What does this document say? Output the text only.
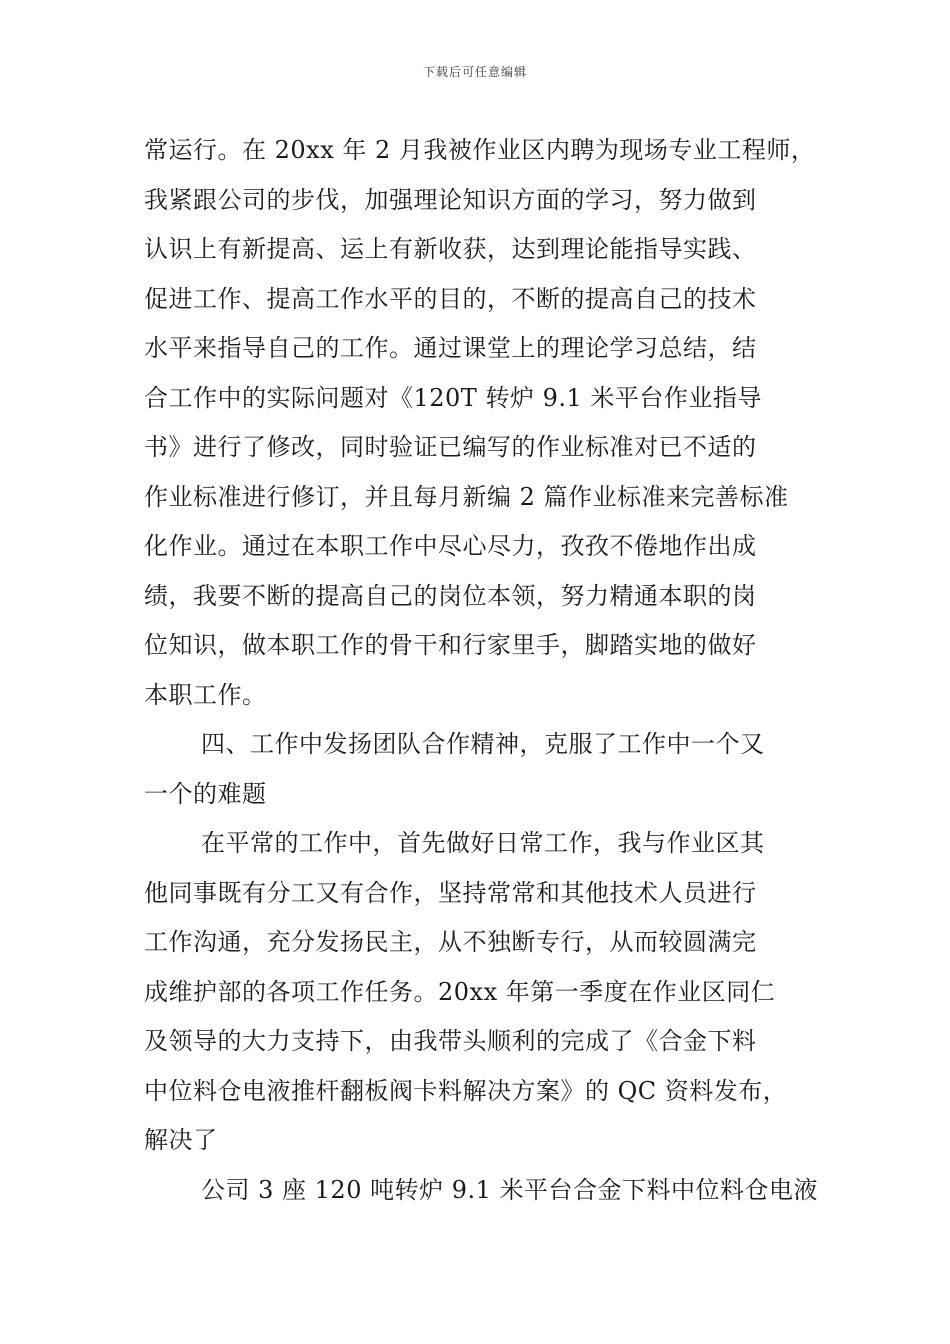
下载后可任意编辑
常运行。在 20xx 年 2 月我被作业区内聘为现场专业工程师，
我紧跟公司的步伐，加强理论知识方面的学习，努力做到
认识上有新提高、运上有新收获，达到理论能指导实践、
促进工作、提高工作水平的目的，不断的提高自己的技术
水平来指导自己的工作。通过课堂上的理论学习总结，结
合工作中的实际问题对《120T 转炉 9.1 米平台作业指导
书》进行了修改，同时验证已编写的作业标准对已不适的
作业标准进行修订，并且每月新编 2 篇作业标准来完善标准
化作业。通过在本职工作中尽心尽力，孜孜不倦地作出成
绩，我要不断的提高自己的岗位本领，努力精通本职的岗
位知识，做本职工作的骨干和行家里手，脚踏实地的做好
本职工作。
四、工作中发扬团队合作精神，克服了工作中一个又
一个的难题
在平常的工作中，首先做好日常工作，我与作业区其
他同事既有分工又有合作，坚持常常和其他技术人员进行
工作沟通，充分发扬民主，从不独断专行，从而较圆满完
成维护部的各项工作任务。20xx 年第一季度在作业区同仁
及领导的大力支持下，由我带头顺利的完成了《合金下料
中位料仓电液推杆翻板阀卡料解决方案》的 QC 资料发布，
解决了
公司 3 座 120 吨转炉 9.1 米平台合金下料中位料仓电液
